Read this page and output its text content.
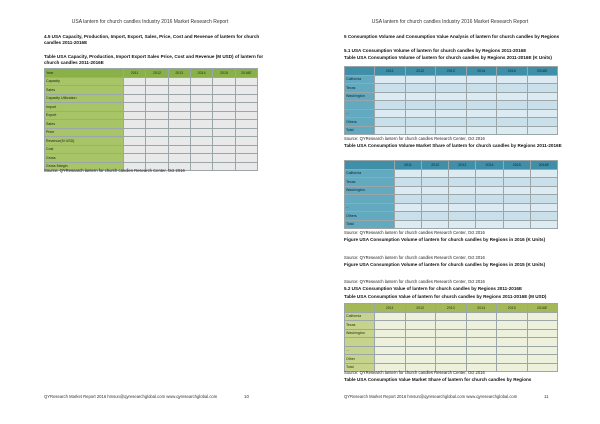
USA lantern for church candles Industry 2016 Market Research Report
4.5 USA Capacity, Production, Import, Export, Sales, Price, Cost and Revenue of lantern for church candles 2011-2016E
Table USA Capacity, Production, Import Export Sales Price, Cost and Revenue (M USD) of lantern for church candles 2011-2016E
Year	2011	2012	2013	2014	2015	2016E
Capacity						
Sales						
Capacity Utilization						
Import						
Export						
Sales						
Price						
Revenue(M USD)						
Cost						
Gross						
Gross Margin						
Source: QYResearch lantern for church candles Research Center, Oct 2016
QYResearch Market Report 2016 hmsun@qyresearchglobal.com www.qyresearchglobal.com	10
USA lantern for church candles Industry 2016 Market Research Report
5 Consumption Volume and Consumption Value Analysis of lantern for church candles by Regions
5.1 USA Consumption Volume of lantern for church candles by Regions 2011-2016E
Table USA Consumption Volume of lantern for church candles by Regions 2011-2016E (K Units)
	2011	2012	2013	2014	2015	2016E
California						
Texas						
Washington						

...						
Others						
Total						
Source: QYResearch lantern for church candles Research Center, Oct 2016
Table USA Consumption Volume Market Share of lantern for church candles by Regions 2011-2016E
	2011	2012	2013	2014	2015	2016E
California						
Texas						
Washington						

...						
Others						
Total						
Source: QYResearch lantern for church candles Research Center, Oct 2016
Figure USA Consumption Volume of lantern for church candles by Regions in 2016 (K Units)
Source: QYResearch lantern for church candles Research Center, Oct 2016
Figure USA Consumption Volume of lantern for church candles by Regions in 2015 (K Units)
Source: QYResearch lantern for church candles Research Center, Oct 2016
5.2 USA Consumption Value of lantern for church candles by Regions 2011-2016E
Table USA Consumption Value of lantern for church candles by Regions 2011-2016E (M USD)
	2011	2012	2013	2014	2015	2016E
California						
Texas						
Washington						

...						
Other						
Total						
Source: QYResearch lantern for church candles Research Center, Oct 2016
Table USA Consumption Value Market Share of lantern for church candles by Regions
QYResearch Market Report 2016 hmsun@qyresearchglobal.com www.qyresearchglobal.com	11
